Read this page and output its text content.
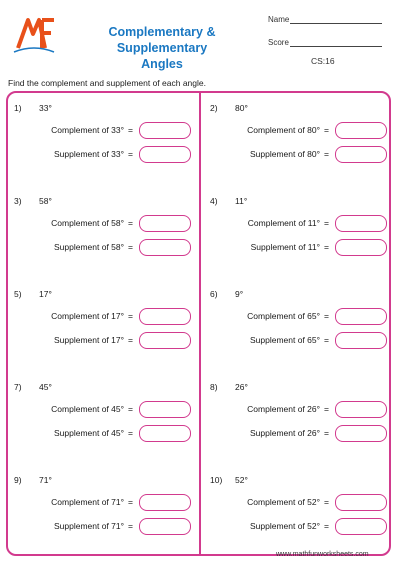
Complementary & Supplementary
Angles
Name
Score
CS:16
Find the complement and supplement of each angle.
1) 33°
Complement of 33° =
Supplement of 33° =
2) 80°
Complement of 80° =
Supplement of 80° =
3) 58°
Complement of 58° =
Supplement of 58° =
4) 11°
Complement of 11° =
Supplement of 11° =
5) 17°
Complement of 17° =
Supplement of 17° =
6) 9°
Complement of 65° =
Supplement of 65° =
7) 45°
Complement of 45° =
Supplement of 45° =
8) 26°
Complement of 26° =
Supplement of 26° =
9) 71°
Complement of 71° =
Supplement of 71° =
10) 52°
Complement of 52° =
Supplement of 52° =
www.mathfunworksheets.com
